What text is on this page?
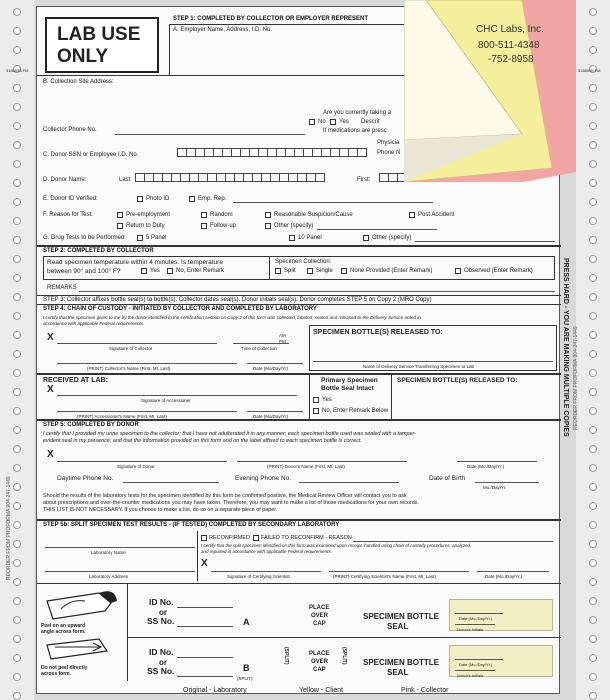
3185055 FM	3185055 FM
REORDER FROM PROFORMA 904-247-1449
PRESS HARD - YOU ARE MAKING MULTIPLE COPIES REORDER FROM PROFORMA 904-247-1449
LAB USE
ONLY
STEP 1: COMPLETED BY COLLECTOR OR EMPLOYER REPRESENT
A. Employer Name, Address, I.D. No.
B. Collection Site Address:
Are you currently taking a
No Yes Descrit
If medications are presc
Physicia
Phone N
Collector Phone No.
C. Donor SSN or Employee I.D. No.
D. Donor Name:	Last	First:
E. Donor ID Verified:	Photo ID	Emp. Rep.
F. Reason for Test:	Pre-employment	Random	Reasonable Suspicion/Cause	Post Accident
Return to Duty	Follow-up	Other (specify)
G. Drug Tests to be Performed:	5 Panel	10 Panel	Other (specify)
STEP 2: COMPLETED BY COLLECTOR
Read specimen temperature within 4 minutes. Is temperature
between 90° and 100° F?	Yes	No, Enter Remark
Specimen Collection:
Split	Single	None Provided (Enter Remark)	Observed (Enter Remark)
REMARKS
STEP 3: Collector affixes bottle seal(s) to bottle(s). Collector dates seal(s). Donor initials seal(s). Donor completes STEP 5 on Copy 2 (MRO Copy)
STEP 4: CHAIN OF CUSTODY - INITIATED BY COLLECTOR AND COMPLETED BY LABORATORY
I certify that the specimen given to me by the donor identified in the certification section on Copy 2 of this form was collected, labeled, sealed and released to the Delivery Service noted in
accordance with applicable Federal requirements.
X
Signature of Collector
AM
PM
Time of Collection
(PRINT) Collector's Name (First, MI, Last)	Date (Mo/Day/Yr)
SPECIMEN BOTTLE(S) RELEASED TO:
Name of Delivery Service Transferring Specimen to Lab
RECEIVED AT LAB:
X
Signature of Accessioner
(PRINT) Accessioner's Name (First, MI, Last)	Date (Mo/Day/Yr)
Primary Specimen
Bottle Seal Intact
Yes
No, Enter Remark Below
SPECIMEN BOTTLE(S) RELEASED TO:
STEP 5: COMPLETED BY DONOR
I certify that I provided my urine specimen to the collector; that I have not adulterated it in any manner; each specimen bottle used was sealed with a tamper-
evident seal in my presence; and that the information provided on this form and on the label affixed to each specimen bottle is correct.
X
Signature of Donor	(PRINT) Donor's Name (First, MI, Last)	Date (Mo./Day/Yr.)
Daytime Phone No.	Evening Phone No.	Date of Birth
Mo./Day/Yr.
Should the results of the laboratory tests for the specimen identified by this form be confirmed positive, the Medical Review Officer will contact you to ask
about prescriptions and over-the-counter medications you may have taken. Therefore, you may want to make a list of those medications for your own records.
THIS LIST IS NOT NECESSARY. If you choose to make a list, do so on a separate piece of paper.
STEP 5b: SPLIT SPECIMEN TEST RESULTS - (IF TESTED) COMPLETED BY SECONDARY LABORATORY
Laboratory Name
Laboratory Address
RECONFIRMED FAILED TO RECONFIRM - REASON
I certify that the split specimen identified on this form was examined upon receipt, handled using chain of custody procedures, analyzed,
and reported in accordance with applicable Federal requirements.
X
Signature of Certifying Scientist	(PRINT) Certifying Scientist's Name (First, MI, Last)	Date (Mo./Day/Yr.)
Peel on an upward
angle across form.
Do not peel directly
across form.
ID No.
or
SS No.	A
PLACE
OVER
CAP
SPECIMEN BOTTLE
SEAL
Date (Mo./Day/Yr.)
Donor's Initials
ID No.
or
SS No.	B
(SPLIT)
(SPLIT)	PLACE
OVER
CAP
(SPLIT) SPECIMEN BOTTLE
SEAL
Date (Mo./Day/Yr.)
Donor's Initials
Original - Laboratory	Yellow - Client	Pink - Collector
CHC Labs, Inc.
800-511-4348
-752-8958
